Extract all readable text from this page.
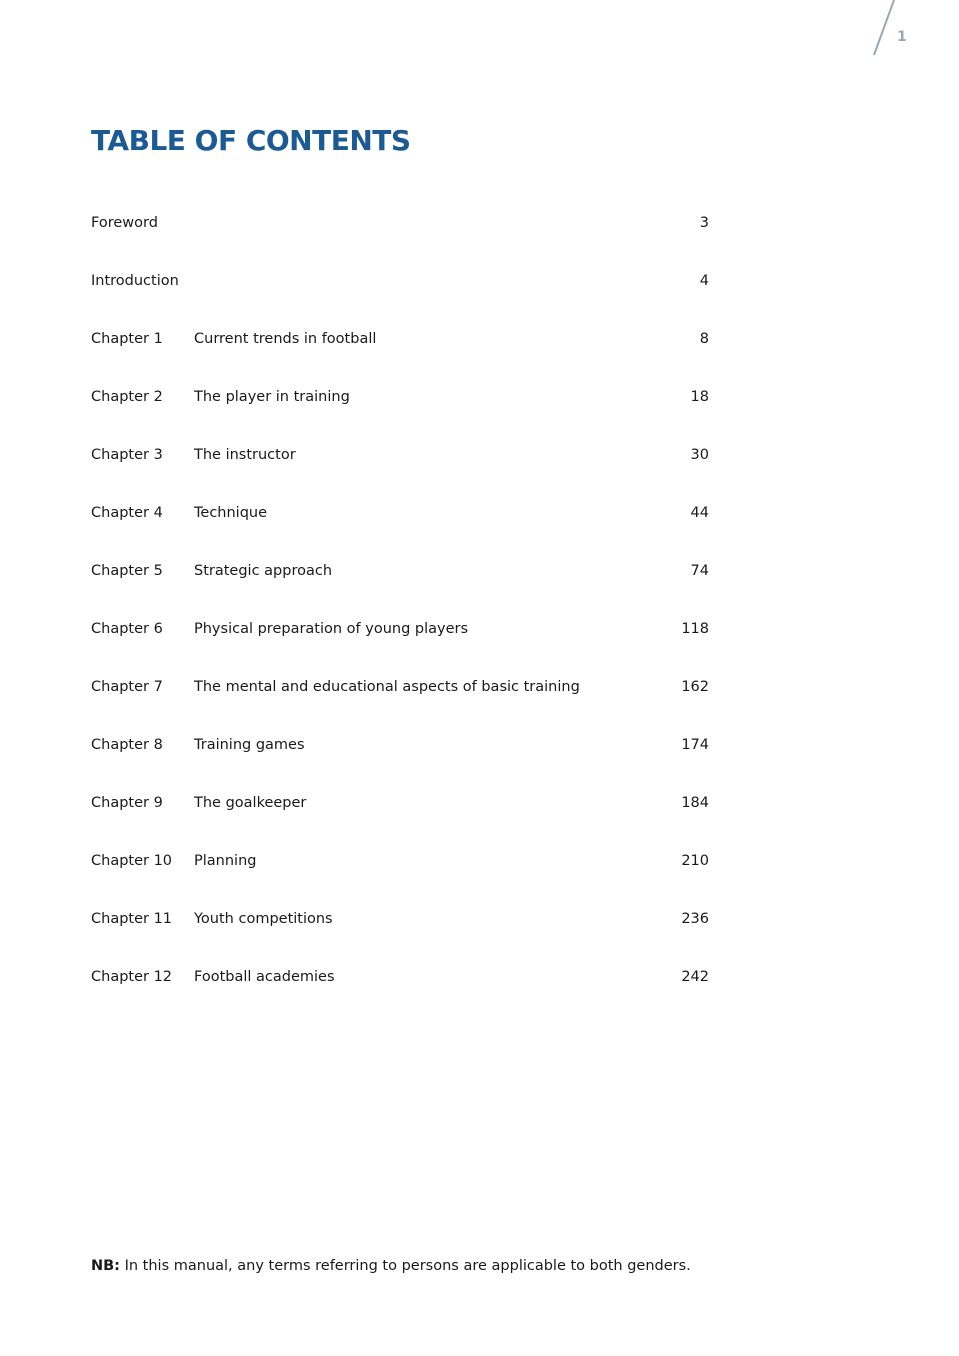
1
TABLE OF CONTENTS
Foreword	3
Introduction	4
Chapter 1 Current trends in football	8
Chapter 2 The player in training	18
Chapter 3 The instructor	30
Chapter 4 Technique	44
Chapter 5 Strategic approach	74
Chapter 6 Physical preparation of young players	118
Chapter 7 The mental and educational aspects of basic training	162
Chapter 8 Training games	174
Chapter 9 The goalkeeper	184
Chapter 10 Planning	210
Chapter 11 Youth competitions	236
Chapter 12 Football academies	242

NB: In this manual, any terms referring to persons are applicable to both genders.
